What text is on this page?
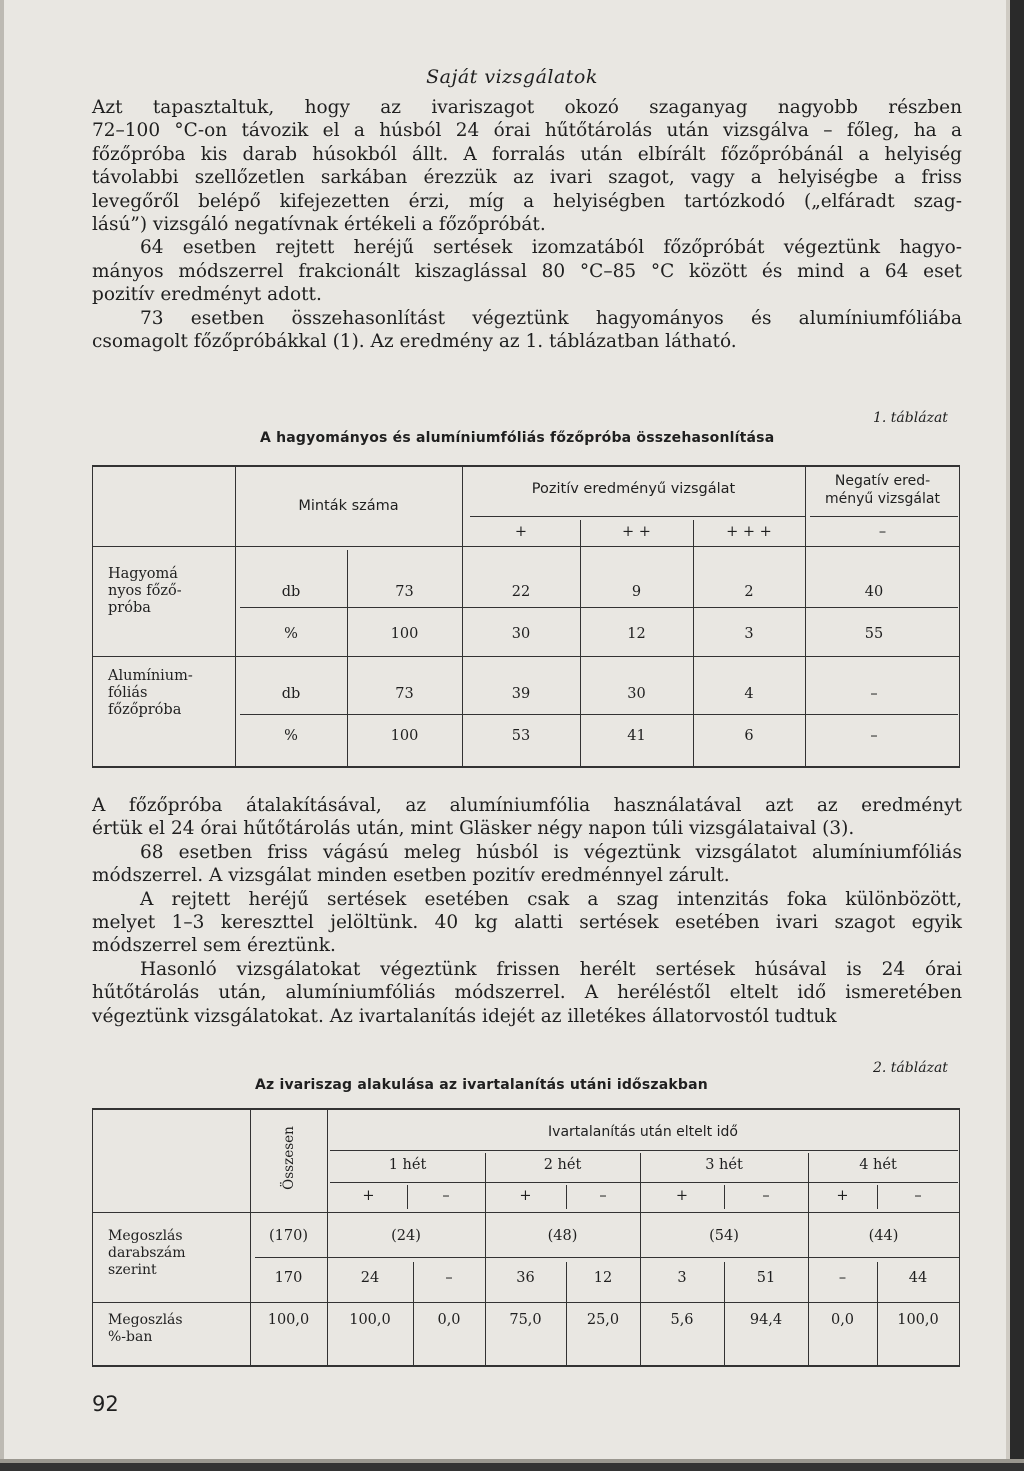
Saját vizsgálatok
Azt tapasztaltuk, hogy az ivariszagot okozó szaganyag nagyobb részben
72–100 °C-on távozik el a húsból 24 órai hűtőtárolás után vizsgálva – főleg, ha a
főzőpróba kis darab húsokból állt. A forralás után elbírált főzőpróbánál a helyiség
távolabbi szellőzetlen sarkában érezzük az ivari szagot, vagy a helyiségbe a friss
levegőről belépő kifejezetten érzi, míg a helyiségben tartózkodó („elfáradt szag-
lású”) vizsgáló negatívnak értékeli a főzőpróbát.
64 esetben rejtett heréjű sertések izomzatából főzőpróbát végeztünk hagyo-
mányos módszerrel frakcionált kiszaglással 80 °C–85 °C között és mind a 64 eset
pozitív eredményt adott.
73 esetben összehasonlítást végeztünk hagyományos és alumíniumfóliába
csomagolt főzőpróbákkal (1). Az eredmény az 1. táblázatban látható.
1. táblázat
A hagyományos és alumíniumfóliás főzőpróba összehasonlítása
Minták száma
Pozitív eredményű vizsgálat	Negatív ered-
ményű vizsgálat
+	+ +	+ + +	–
Hagyomá
nyos főző-
próba
db	73	22	9	2	40
%	100	30	12	3	55
Alumínium-
fóliás
főzőpróba
db	73	39	30	4	–
%	100	53	41	6	–
A főzőpróba átalakításával, az alumíniumfólia használatával azt az eredményt
értük el 24 órai hűtőtárolás után, mint Gläsker négy napon túli vizsgálataival (3).
68 esetben friss vágású meleg húsból is végeztünk vizsgálatot alumíniumfóliás
módszerrel. A vizsgálat minden esetben pozitív eredménnyel zárult.
A rejtett heréjű sertések esetében csak a szag intenzitás foka különbözött,
melyet 1–3 kereszttel jelöltünk. 40 kg alatti sertések esetében ivari szagot egyik
módszerrel sem éreztünk.
Hasonló vizsgálatokat végeztünk frissen herélt sertések húsával is 24 órai
hűtőtárolás után, alumíniumfóliás módszerrel. A heréléstől eltelt idő ismeretében
végeztünk vizsgálatokat. Az ivartalanítás idejét az illetékes állatorvostól tudtuk
2. táblázat
Az ivariszag alakulása az ivartalanítás utáni időszakban
Összesen	Ivartalanítás után eltelt idő
1 hét	2 hét	3 hét	4 hét
+	–	+	–	+	–	+	–
Megoszlás
darabszám
szerint
(170)	(24)	(48)	(54)	(44)
170	24	–	36	12	3	51	–	44
Megoszlás
%-ban
100,0	100,0	0,0	75,0	25,0	5,6	94,4	0,0	100,0
92
